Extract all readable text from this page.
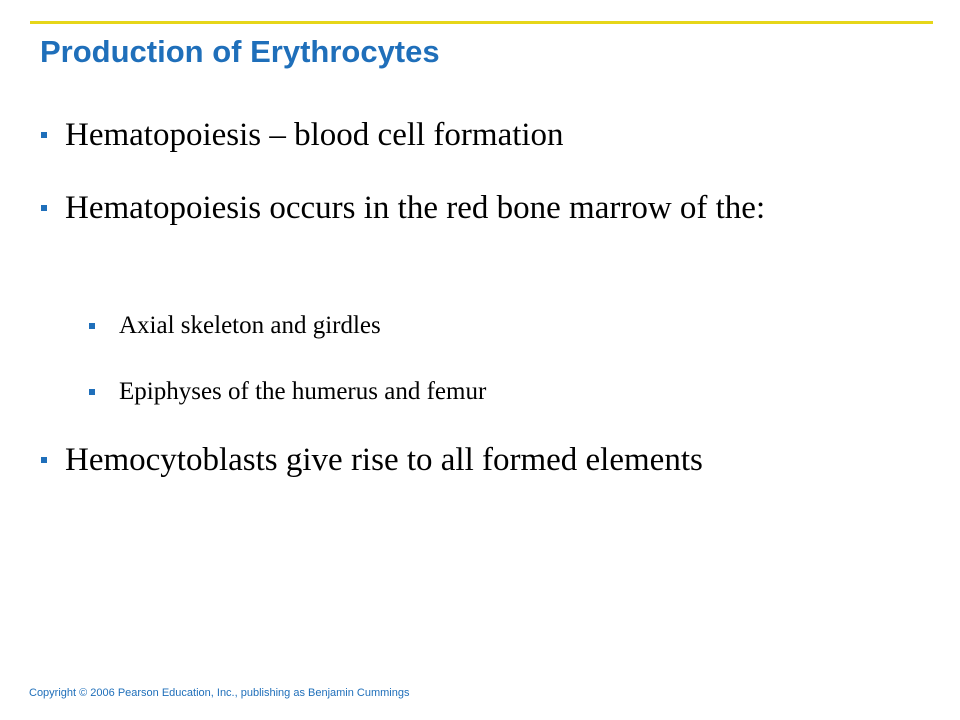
Production of Erythrocytes
Hematopoiesis – blood cell formation
Hematopoiesis occurs in the red bone marrow of the:
Axial skeleton and girdles
Epiphyses of the humerus and femur
Hemocytoblasts give rise to all formed elements
Copyright © 2006 Pearson Education, Inc., publishing as Benjamin Cummings
